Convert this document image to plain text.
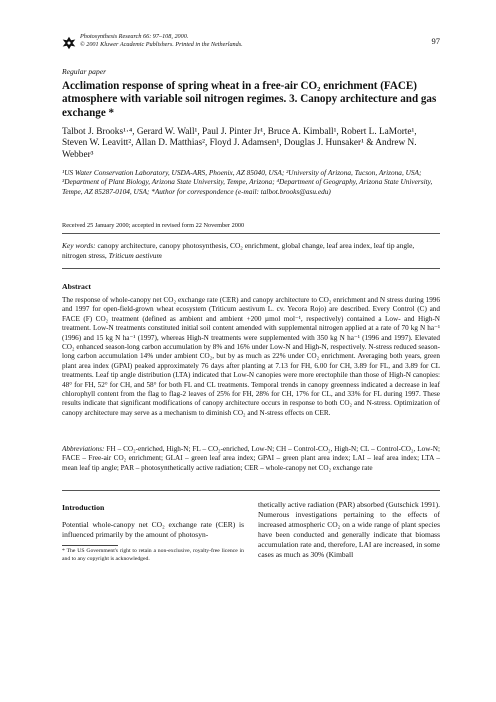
Photosynthesis Research 66: 97–108, 2000.
© 2001 Kluwer Academic Publishers. Printed in the Netherlands.	97
Regular paper
Acclimation response of spring wheat in a free-air CO₂ enrichment (FACE) atmosphere with variable soil nitrogen regimes. 3. Canopy architecture and gas exchange *
Talbot J. Brooks¹·⁴, Gerard W. Wall¹, Paul J. Pinter Jr¹, Bruce A. Kimball¹, Robert L. LaMorte¹, Steven W. Leavitt², Allan D. Matthias², Floyd J. Adamsen¹, Douglas J. Hunsaker¹ & Andrew N. Webber³
¹US Water Conservation Laboratory, USDA-ARS, Phoenix, AZ 85040, USA; ²University of Arizona, Tucson, Arizona, USA; ³Department of Plant Biology, Arizona State University, Tempe, Arizona; ⁴Department of Geography, Arizona State University, Tempe, AZ 85287-0104, USA; *Author for correspondence (e-mail: talbot.brooks@asu.edu)
Received 25 January 2000; accepted in revised form 22 November 2000
Key words: canopy architecture, canopy photosynthesis, CO₂ enrichment, global change, leaf area index, leaf tip angle, nitrogen stress, Triticum aestivum
Abstract
The response of whole-canopy net CO₂ exchange rate (CER) and canopy architecture to CO₂ enrichment and N stress during 1996 and 1997 for open-field-grown wheat ecosystem (Triticum aestivum L. cv. Yecora Rojo) are described. Every Control (C) and FACE (F) CO₂ treatment (defined as ambient and ambient +200 µmol mol⁻¹, respectively) contained a Low- and High-N treatment. Low-N treatments constituted initial soil content amended with supplemental nitrogen applied at a rate of 70 kg N ha⁻¹ (1996) and 15 kg N ha⁻¹ (1997), whereas High-N treatments were supplemented with 350 kg N ha⁻¹ (1996 and 1997). Elevated CO₂ enhanced season-long carbon accumulation by 8% and 16% under Low-N and High-N, respectively. N-stress reduced season-long carbon accumulation 14% under ambient CO₂, but by as much as 22% under CO₂ enrichment. Averaging both years, green plant area index (GPAI) peaked approximately 76 days after planting at 7.13 for FH, 6.00 for CH, 3.89 for FL, and 3.89 for CL treatments. Leaf tip angle distribution (LTA) indicated that Low-N canopies were more erectophile than those of High-N canopies: 48° for FH, 52° for CH, and 58° for both FL and CL treatments. Temporal trends in canopy greenness indicated a decrease in leaf chlorophyll content from the flag to flag-2 leaves of 25% for FH, 28% for CH, 17% for CL, and 33% for FL during 1997. These results indicate that significant modifications of canopy architecture occurs in response to both CO₂ and N-stress. Optimization of canopy architecture may serve as a mechanism to diminish CO₂ and N-stress effects on CER.
Abbreviations: FH – CO₂-enriched, High-N; FL – CO₂-enriched, Low-N; CH – Control-CO₂, High-N; CL – Control-CO₂, Low-N; FACE – Free-air CO₂ enrichment; GLAI – green leaf area index; GPAI – green plant area index; LAI – leaf area index; LTA – mean leaf tip angle; PAR – photosynthetically active radiation; CER – whole-canopy net CO₂ exchange rate
Introduction
Potential whole-canopy net CO₂ exchange rate (CER) is influenced primarily by the amount of photosyn-
* The US Government's right to retain a non-exclusive, royalty-free licence in and to any copyright is acknowledged.
thetically active radiation (PAR) absorbed (Gutschick 1991). Numerous investigations pertaining to the effects of increased atmospheric CO₂ on a wide range of plant species have been conducted and generally indicate that biomass accumulation rate and, therefore, LAI are increased, in some cases as much as 30% (Kimball
